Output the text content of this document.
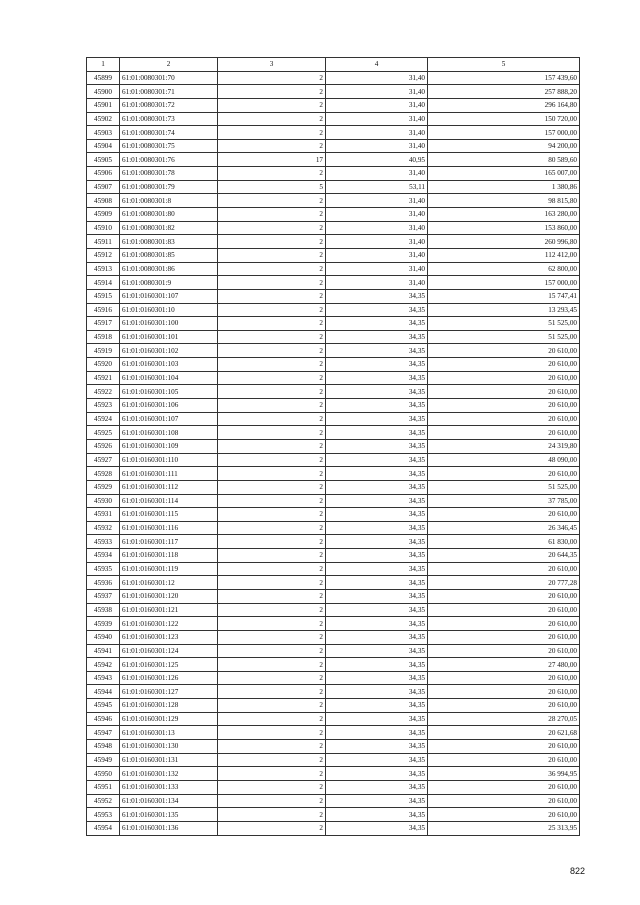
1	2	3	4	5
45899	61:01:0080301:70	2	31,40	157 439,60
45900	61:01:0080301:71	2	31,40	257 888,20
45901	61:01:0080301:72	2	31,40	296 164,80
45902	61:01:0080301:73	2	31,40	150 720,00
45903	61:01:0080301:74	2	31,40	157 000,00
45904	61:01:0080301:75	2	31,40	94 200,00
45905	61:01:0080301:76	17	40,95	80 589,60
45906	61:01:0080301:78	2	31,40	165 007,00
45907	61:01:0080301:79	5	53,11	1 380,86
45908	61:01:0080301:8	2	31,40	98 815,80
45909	61:01:0080301:80	2	31,40	163 280,00
45910	61:01:0080301:82	2	31,40	153 860,00
45911	61:01:0080301:83	2	31,40	260 996,80
45912	61:01:0080301:85	2	31,40	112 412,00
45913	61:01:0080301:86	2	31,40	62 800,00
45914	61:01:0080301:9	2	31,40	157 000,00
45915	61:01:0160301:107	2	34,35	15 747,41
45916	61:01:0160301:10	2	34,35	13 293,45
45917	61:01:0160301:100	2	34,35	51 525,00
45918	61:01:0160301:101	2	34,35	51 525,00
45919	61:01:0160301:102	2	34,35	20 610,00
45920	61:01:0160301:103	2	34,35	20 610,00
45921	61:01:0160301:104	2	34,35	20 610,00
45922	61:01:0160301:105	2	34,35	20 610,00
45923	61:01:0160301:106	2	34,35	20 610,00
45924	61:01:0160301:107	2	34,35	20 610,00
45925	61:01:0160301:108	2	34,35	20 610,00
45926	61:01:0160301:109	2	34,35	24 319,80
45927	61:01:0160301:110	2	34,35	48 090,00
45928	61:01:0160301:111	2	34,35	20 610,00
45929	61:01:0160301:112	2	34,35	51 525,00
45930	61:01:0160301:114	2	34,35	37 785,00
45931	61:01:0160301:115	2	34,35	20 610,00
45932	61:01:0160301:116	2	34,35	26 346,45
45933	61:01:0160301:117	2	34,35	61 830,00
45934	61:01:0160301:118	2	34,35	20 644,35
45935	61:01:0160301:119	2	34,35	20 610,00
45936	61:01:0160301:12	2	34,35	20 777,28
45937	61:01:0160301:120	2	34,35	20 610,00
45938	61:01:0160301:121	2	34,35	20 610,00
45939	61:01:0160301:122	2	34,35	20 610,00
45940	61:01:0160301:123	2	34,35	20 610,00
45941	61:01:0160301:124	2	34,35	20 610,00
45942	61:01:0160301:125	2	34,35	27 480,00
45943	61:01:0160301:126	2	34,35	20 610,00
45944	61:01:0160301:127	2	34,35	20 610,00
45945	61:01:0160301:128	2	34,35	20 610,00
45946	61:01:0160301:129	2	34,35	28 270,05
45947	61:01:0160301:13	2	34,35	20 621,68
45948	61:01:0160301:130	2	34,35	20 610,00
45949	61:01:0160301:131	2	34,35	20 610,00
45950	61:01:0160301:132	2	34,35	36 994,95
45951	61:01:0160301:133	2	34,35	20 610,00
45952	61:01:0160301:134	2	34,35	20 610,00
45953	61:01:0160301:135	2	34,35	20 610,00
45954	61:01:0160301:136	2	34,35	25 313,95
822
